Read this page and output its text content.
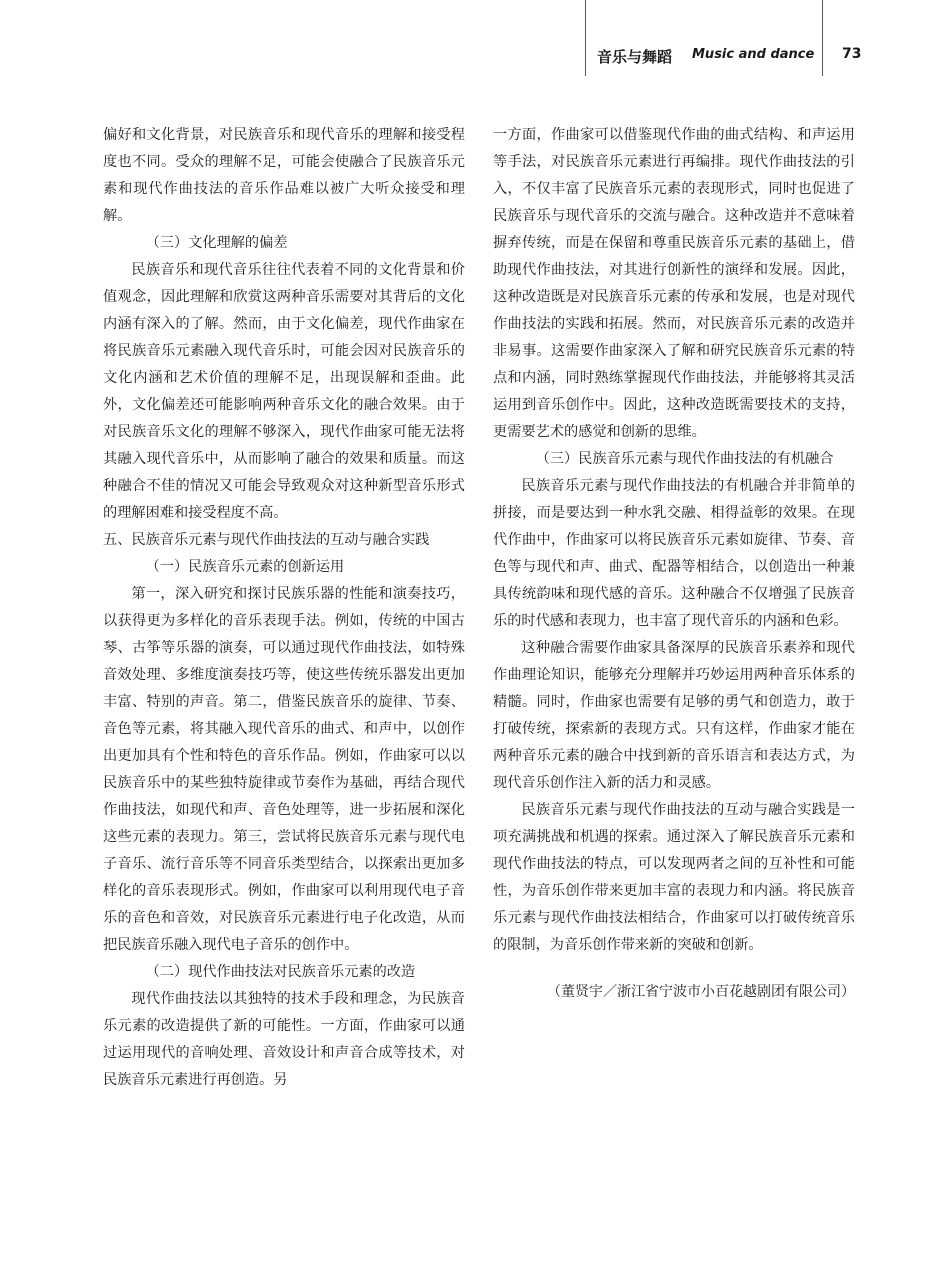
音乐与舞蹈 Music and dance 73

偏好和文化背景，对民族音乐和现代音乐的理解和接受程度也不同。受众的理解不足，可能会使融合了民族音乐元素和现代作曲技法的音乐作品难以被广大听众接受和理解。

（三）文化理解的偏差

民族音乐和现代音乐往往代表着不同的文化背景和价值观念，因此理解和欣赏这两种音乐需要对其背后的文化内涵有深入的了解。然而，由于文化偏差，现代作曲家在将民族音乐元素融入现代音乐时，可能会因对民族音乐的文化内涵和艺术价值的理解不足，出现误解和歪曲。此外，文化偏差还可能影响两种音乐文化的融合效果。由于对民族音乐文化的理解不够深入，现代作曲家可能无法将其融入现代音乐中，从而影响了融合的效果和质量。而这种融合不佳的情况又可能会导致观众对这种新型音乐形式的理解困难和接受程度不高。

五、民族音乐元素与现代作曲技法的互动与融合实践

（一）民族音乐元素的创新运用

第一，深入研究和探讨民族乐器的性能和演奏技巧，以获得更为多样化的音乐表现手法。例如，传统的中国古琴、古筝等乐器的演奏，可以通过现代作曲技法，如特殊音效处理、多维度演奏技巧等，使这些传统乐器发出更加丰富、特别的声音。第二，借鉴民族音乐的旋律、节奏、音色等元素，将其融入现代音乐的曲式、和声中，以创作出更加具有个性和特色的音乐作品。例如，作曲家可以以民族音乐中的某些独特旋律或节奏作为基础，再结合现代作曲技法，如现代和声、音色处理等，进一步拓展和深化这些元素的表现力。第三，尝试将民族音乐元素与现代电子音乐、流行音乐等不同音乐类型结合，以探索出更加多样化的音乐表现形式。例如，作曲家可以利用现代电子音乐的音色和音效，对民族音乐元素进行电子化改造，从而把民族音乐融入现代电子音乐的创作中。

（二）现代作曲技法对民族音乐元素的改造

现代作曲技法以其独特的技术手段和理念，为民族音乐元素的改造提供了新的可能性。一方面，作曲家可以通过运用现代的音响处理、音效设计和声音合成等技术，对民族音乐元素进行再创造。另

一方面，作曲家可以借鉴现代作曲的曲式结构、和声运用等手法，对民族音乐元素进行再编排。现代作曲技法的引入，不仅丰富了民族音乐元素的表现形式，同时也促进了民族音乐与现代音乐的交流与融合。这种改造并不意味着摒弃传统，而是在保留和尊重民族音乐元素的基础上，借助现代作曲技法，对其进行创新性的演绎和发展。因此，这种改造既是对民族音乐元素的传承和发展，也是对现代作曲技法的实践和拓展。然而，对民族音乐元素的改造并非易事。这需要作曲家深入了解和研究民族音乐元素的特点和内涵，同时熟练掌握现代作曲技法，并能够将其灵活运用到音乐创作中。因此，这种改造既需要技术的支持，更需要艺术的感觉和创新的思维。

（三）民族音乐元素与现代作曲技法的有机融合

民族音乐元素与现代作曲技法的有机融合并非简单的拼接，而是要达到一种水乳交融、相得益彰的效果。在现代作曲中，作曲家可以将民族音乐元素如旋律、节奏、音色等与现代和声、曲式、配器等相结合，以创造出一种兼具传统韵味和现代感的音乐。这种融合不仅增强了民族音乐的时代感和表现力，也丰富了现代音乐的内涵和色彩。

这种融合需要作曲家具备深厚的民族音乐素养和现代作曲理论知识，能够充分理解并巧妙运用两种音乐体系的精髓。同时，作曲家也需要有足够的勇气和创造力，敢于打破传统，探索新的表现方式。只有这样，作曲家才能在两种音乐元素的融合中找到新的音乐语言和表达方式，为现代音乐创作注入新的活力和灵感。

民族音乐元素与现代作曲技法的互动与融合实践是一项充满挑战和机遇的探索。通过深入了解民族音乐元素和现代作曲技法的特点，可以发现两者之间的互补性和可能性，为音乐创作带来更加丰富的表现力和内涵。将民族音乐元素与现代作曲技法相结合，作曲家可以打破传统音乐的限制，为音乐创作带来新的突破和创新。

（董贤宇／浙江省宁波市小百花越剧团有限公司）
